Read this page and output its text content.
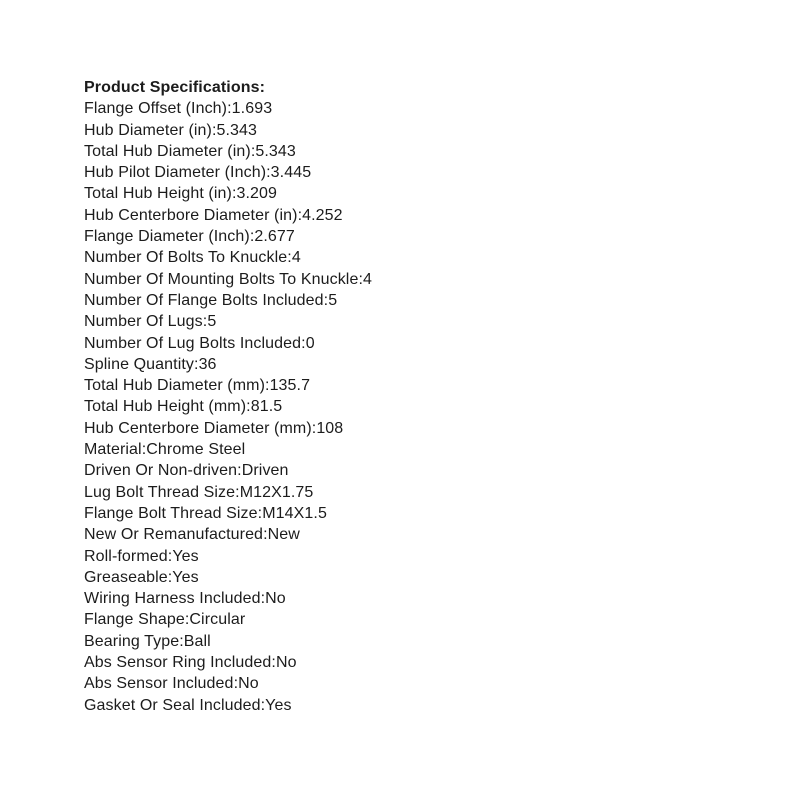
Product Specifications:
Flange Offset (Inch) : 1.693
Hub Diameter (in) : 5.343
Total Hub Diameter (in) : 5.343
Hub Pilot Diameter (Inch) : 3.445
Total Hub Height (in) : 3.209
Hub Centerbore Diameter (in) : 4.252
Flange Diameter (Inch) : 2.677
Number Of Bolts To Knuckle : 4
Number Of Mounting Bolts To Knuckle : 4
Number Of Flange Bolts Included : 5
Number Of Lugs : 5
Number Of Lug Bolts Included : 0
Spline Quantity : 36
Total Hub Diameter (mm) : 135.7
Total Hub Height (mm) : 81.5
Hub Centerbore Diameter (mm) : 108
Material : Chrome Steel
Driven Or Non-driven : Driven
Lug Bolt Thread Size : M12X1.75
Flange Bolt Thread Size : M14X1.5
New Or Remanufactured : New
Roll-formed : Yes
Greaseable : Yes
Wiring Harness Included : No
Flange Shape : Circular
Bearing Type : Ball
Abs Sensor Ring Included : No
Abs Sensor Included : No
Gasket Or Seal Included : Yes
